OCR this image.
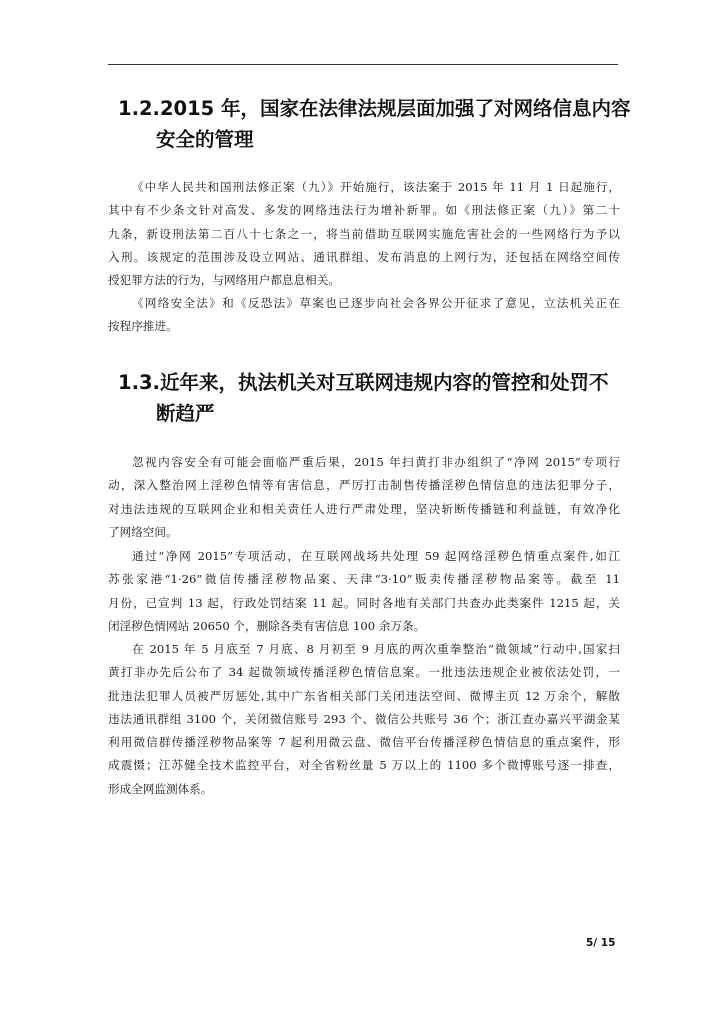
1.2.2015 年，国家在法律法规层面加强了对网络信息内容
安全的管理

《中华人民共和国刑法修正案（九）》开始施行，该法案于 2015 年 11 月 1 日起施行，
其中有不少条文针对高发、多发的网络违法行为增补新罪。如《刑法修正案（九）》第二十
九条，新设刑法第二百八十七条之一，将当前借助互联网实施危害社会的一些网络行为予以
入刑。该规定的范围涉及设立网站、通讯群组、发布消息的上网行为，还包括在网络空间传
授犯罪方法的行为，与网络用户都息息相关。

《网络安全法》和《反恐法》草案也已逐步向社会各界公开征求了意见，立法机关正在
按程序推进。

1.3.近年来，执法机关对互联网违规内容的管控和处罚不
断趋严

忽视内容安全有可能会面临严重后果，2015 年扫黄打非办组织了“净网 2015”专项行
动，深入整治网上淫秽色情等有害信息，严厉打击制售传播淫秽色情信息的违法犯罪分子，
对违法违规的互联网企业和相关责任人进行严肃处理，坚决斩断传播链和利益链，有效净化
了网络空间。

通过“净网 2015”专项活动，在互联网战场共处理 59 起网络淫秽色情重点案件,如江
苏张家港“1·26”微信传播淫秽物品案、天津“3·10”贩卖传播淫秽物品案等。截至 11
月份，已宣判 13 起，行政处罚结案 11 起。同时各地有关部门共查办此类案件 1215 起，关
闭淫秽色情网站 20650 个，删除各类有害信息 100 余万条。

在 2015 年 5 月底至 7 月底、8 月初至 9 月底的两次重拳整治“微领域”行动中,国家扫
黄打非办先后公布了 34 起微领域传播淫秽色情信息案。一批违法违规企业被依法处罚，一
批违法犯罪人员被严厉惩处,其中广东省相关部门关闭违法空间、微博主页 12 万余个，解散
违法通讯群组 3100 个，关闭微信账号 293 个、微信公共账号 36 个；浙江查办嘉兴平湖金某
利用微信群传播淫秽物品案等 7 起利用微云盘、微信平台传播淫秽色情信息的重点案件，形
成震慑；江苏健全技术监控平台，对全省粉丝量 5 万以上的 1100 多个微博账号逐一排查，
形成全网监测体系。

5/ 15
